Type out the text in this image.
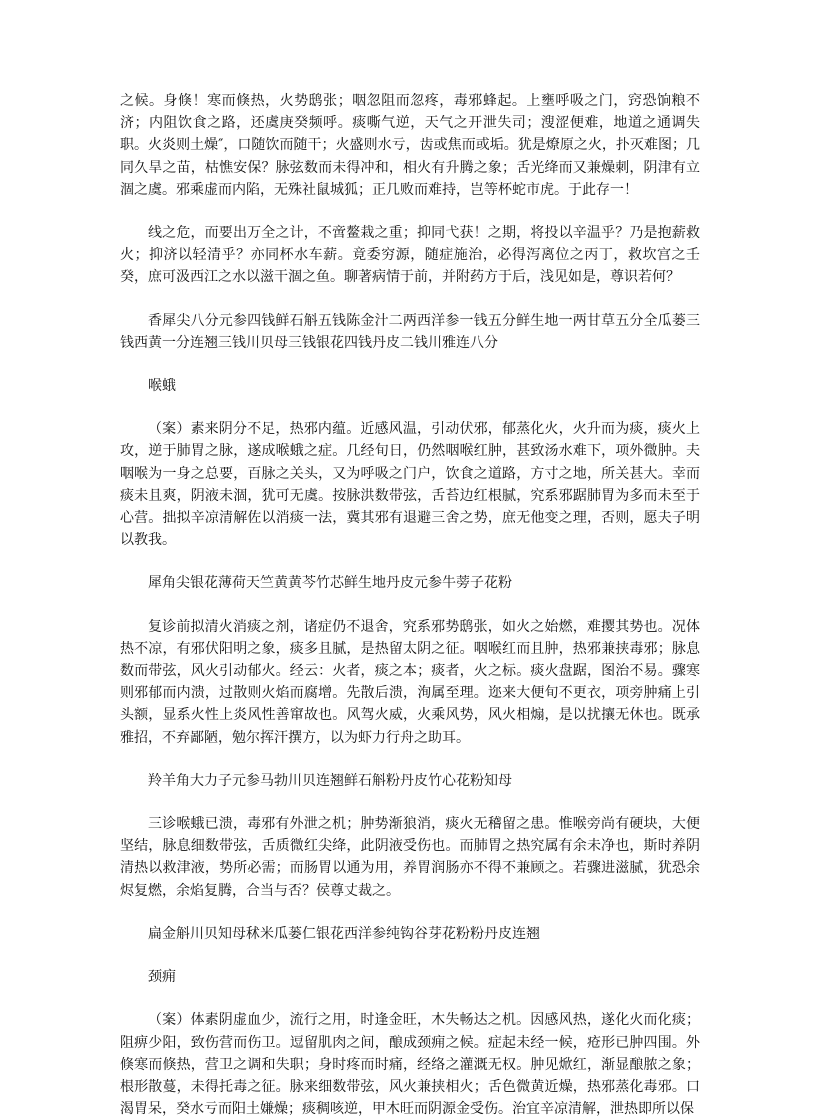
之候。身倏！寒而倏热，火势鸱张；咽忽阻而忽疼，毒邪蜂起。上壅呼吸之门，窍恐饷粮不济；内阻饮食之路，还虞庚癸频呼。痰嘶气逆，天气之开泄失司；溲涩便难，地道之通调失职。火炎则土燥″，口随饮而随干；火盛则水亏，齿或焦而或垢。犹是燎原之火，扑灭难图；几同久旱之苗，枯憔安保？脉弦数而未得冲和，相火有升腾之象；舌光绛而又兼燥刺，阴津有立涸之虞。邪乘虚而内陷，无殊社鼠城狐；正几败而难持，岂等杯蛇市虎。于此存一！

线之危，而要出万全之计，不啻鳌栽之重；抑同弋获！之期，将投以辛温乎？乃是抱薪救火；抑济以轻清乎？亦同杯水车薪。竟委穷源，随症施治，必得泻离位之丙丁，救坎宫之壬癸，庶可汲西江之水以滋干涸之鱼。聊著病情于前，并附药方于后，浅见如是，尊识若何？

香犀尖八分元参四钱鲜石斛五钱陈金汁二两西洋参一钱五分鲜生地一两甘草五分全瓜蒌三钱西黄一分连翘三钱川贝母三钱银花四钱丹皮二钱川雅连八分

喉蛾

（案）素来阴分不足，热邪内蕴。近感风温，引动伏邪，郁蒸化火，火升而为痰，痰火上攻，逆于肺胃之脉，遂成喉蛾之症。几经旬日，仍然咽喉红肿，甚致汤水难下，项外微肿。夫咽喉为一身之总要，百脉之关头，又为呼吸之门户，饮食之道路，方寸之地，所关甚大。幸而痰未且爽，阴液未涸，犹可无虞。按脉洪数带弦，舌苔边红根腻，究系邪踞肺胃为多而未至于心营。拙拟辛凉清解佐以消痰一法，冀其邪有退避三舍之势，庶无他变之理，否则，愿夫子明以教我。

犀角尖银花薄荷天竺黄黄芩竹芯鲜生地丹皮元参牛蒡子花粉

复诊前拟清火消痰之剂，诸症仍不退舍，究系邪势鸱张，如火之始燃，难撄其势也。况体热不凉，有邪伏阳明之象，痰多且腻，是热留太阴之征。咽喉红而且肿，热邪兼挟毒邪；脉息数而带弦，风火引动郁火。经云：火者，痰之本；痰者，火之标。痰火盘踞，图治不易。骤寒则邪郁而内溃，过散则火焰而腐增。先散后溃，洵属至理。迩来大便旬不更衣，项旁肿痛上引头额，显系火性上炎风性善窜故也。风驾火威，火乘风势，风火相煽，是以扰攘无休也。既承雅招，不弃鄙陋，勉尔挥汗撰方，以为虾力行舟之助耳。

羚羊角大力子元参马勃川贝连翘鲜石斛粉丹皮竹心花粉知母

三诊喉蛾已溃，毒邪有外泄之机；肿势渐狼消，痰火无稽留之患。惟喉旁尚有硬块，大便坚结，脉息细数带弦，舌质微红尖绛，此阴液受伤也。而肺胃之热究属有余未净也，斯时养阴清热以救津液，势所必需；而肠胃以通为用，养胃润肠亦不得不兼顾之。若骤进滋腻，犹恐余烬复燃，余焰复腾，合当与否？侯尊丈裁之。

扁金斛川贝知母秫米瓜蒌仁银花西洋参纯钩谷芽花粉粉丹皮连翘

颈痈

（案）体素阴虚血少，流行之用，时逢金旺，木失畅达之机。因感风热，遂化火而化痰；阻痹少阳，致伤营而伤卫。逗留肌肉之间，酿成颈痈之候。症起未经一候，疮形已肿四围。外倏寒而倏热，营卫之调和失职；身时疼而时痛，经络之灌溉无权。肿见焮红，渐显酿脓之象；根形散蔓，未得托毒之征。脉来细数带弦，风火兼挟相火；舌色微黄近燥，热邪蒸化毒邪。口渴胃呆，癸水亏而阳土嫌燥；痰稠咳逆，甲木旺而阴源金受伤。治宜辛凉清解，泄热即所以保
